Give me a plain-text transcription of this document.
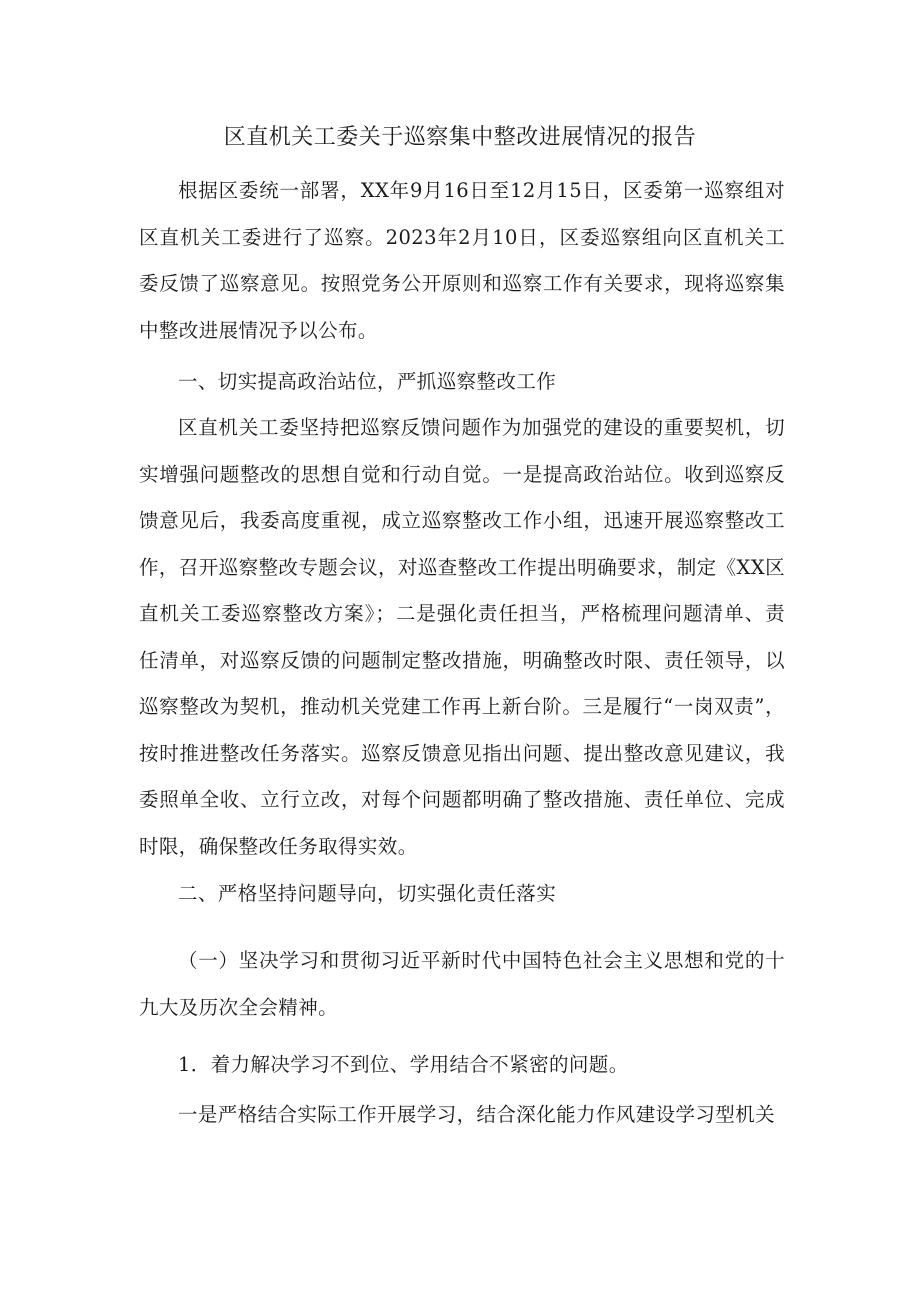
区直机关工委关于巡察集中整改进展情况的报告

根据区委统一部署，XX年9月16日至12月15日，区委第一巡察组对区直机关工委进行了巡察。2023年2月10日，区委巡察组向区直机关工委反馈了巡察意见。按照党务公开原则和巡察工作有关要求，现将巡察集中整改进展情况予以公布。

一、切实提高政治站位，严抓巡察整改工作

区直机关工委坚持把巡察反馈问题作为加强党的建设的重要契机，切实增强问题整改的思想自觉和行动自觉。一是提高政治站位。收到巡察反馈意见后，我委高度重视，成立巡察整改工作小组，迅速开展巡察整改工作，召开巡察整改专题会议，对巡查整改工作提出明确要求，制定《XX区直机关工委巡察整改方案》；二是强化责任担当，严格梳理问题清单、责任清单，对巡察反馈的问题制定整改措施，明确整改时限、责任领导，以巡察整改为契机，推动机关党建工作再上新台阶。三是履行“一岗双责”，按时推进整改任务落实。巡察反馈意见指出问题、提出整改意见建议，我委照单全收、立行立改，对每个问题都明确了整改措施、责任单位、完成时限，确保整改任务取得实效。

二、严格坚持问题导向，切实强化责任落实

（一）坚决学习和贯彻习近平新时代中国特色社会主义思想和党的十九大及历次全会精神。

1．着力解决学习不到位、学用结合不紧密的问题。

一是严格结合实际工作开展学习，结合深化能力作风建设学习型机关
